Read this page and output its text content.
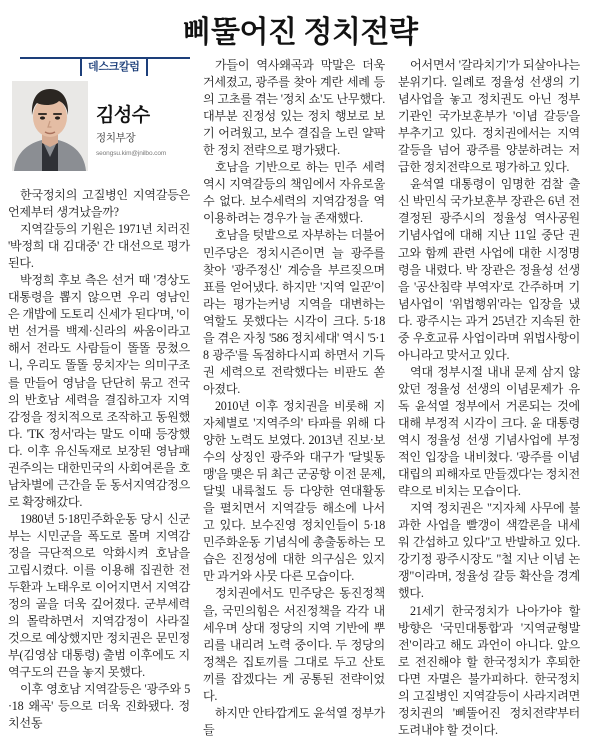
삐뚤어진 정치전략
데스크칼럼
김성수
정치부장
seongsu.kim@jnilbo.com

한국정치의 고질병인 지역갈등은 언제부터 생겨났을까?

지역갈등의 기원은 1971년 치러진 '박정희 대 김대중' 간 대선으로 평가된다.

박정희 후보 측은 선거 때 '경상도 대통령을 뽑지 않으면 우리 영남인은 개밥에 도토리 신세가 된다'며, '이번 선거를 백제·신라의 싸움이라고 해서 전라도 사람들이 똘똘 뭉쳤으니, 우리도 똘똘 뭉치자'는 의미구조를 만들어 영남을 단단히 묶고 전국의 반호남 세력을 결집하고자 지역감정을 정치적으로 조작하고 동원했다. 'TK 정서'라는 말도 이때 등장했다. 이후 유신독재로 보장된 영남패권주의는 대한민국의 사회여론을 호남차별에 근간을 둔 동서지역감정으로 확장해갔다.

1980년 5·18민주화운동 당시 신군부는 시민군을 폭도로 몰며 지역감정을 극단적으로 악화시켜 호남을 고립시켰다. 이를 이용해 집권한 전두환과 노태우로 이어지면서 지역감정의 골을 더욱 깊어졌다. 군부세력의 몰락하면서 지역감정이 사라질 것으로 예상했지만 정치권은 문민정부(김영삼 대통령) 출범 이후에도 지역구도의 끈을 놓지 못했다.

이후 영호남 지역갈등은 '광주와 5·18 왜곡' 등으로 더욱 진화됐다. 정치선동

가들이 역사왜곡과 막말은 더욱 거세졌고, 광주를 찾아 계란 세례 등의 고초를 겪는 '정치 쇼'도 난무했다. 대부분 진정성 있는 정치 행보로 보기 어려웠고, 보수 결집을 노린 얄팍한 정치 전략으로 평가됐다.

호남을 기반으로 하는 민주 세력 역시 지역갈등의 책임에서 자유로울 수 없다. 보수세력의 지역감정을 역이용하려는 경우가 늘 존재했다.

호남을 텃밭으로 자부하는 더불어민주당은 정치시즌이면 늘 광주를 찾아 '광주정신' 계승을 부르짖으며 표를 얻어냈다. 하지만 '지역 일꾼'이라는 평가는커녕 지역을 대변하는 역할도 못했다는 시각이 크다. 5·18을 겪은 자칭 '586 정치세대' 역시 '5·18 광주'를 독점하다시피 하면서 기득권 세력으로 전락했다는 비판도 쏟아졌다.

2010년 이후 정치권을 비롯해 지자체별로 '지역주의' 타파를 위해 다양한 노력도 보였다. 2013년 진보·보수의 상징인 광주와 대구가 '달빛동맹'을 맺은 뒤 최근 군공항 이전 문제, 달빛 내륙철도 등 다양한 연대활동을 펼치면서 지역갈등 해소에 나서고 있다. 보수진영 정치인들이 5·18민주화운동 기념식에 총출동하는 모습은 진정성에 대한 의구심은 있지만 과거와 사뭇 다른 모습이다.

정치권에서도 민주당은 동진정책을, 국민의힘은 서진정책을 각각 내세우며 상대 정당의 지역 기반에 뿌리를 내리려 노력 중이다. 두 정당의 정책은 집토끼를 그대로 두고 산토끼를 잡겠다는 게 공통된 전략이었다.

하지만 안타깝게도 윤석열 정부가 들

어서면서 '갈라치기'가 되살아나는 분위기다. 일례로 정율성 선생의 기념사업을 놓고 정치권도 아닌 정부기관인 국가보훈부가 '이념 갈등'을 부추기고 있다. 정치권에서는 지역갈등을 넘어 광주를 양분하려는 저급한 정치전략으로 평가하고 있다.

윤석열 대통령이 임명한 검찰 출신 박민식 국가보훈부 장관은 6년 전 결정된 광주시의 정율성 역사공원 기념사업에 대해 지난 11일 중단 권고와 함께 관련 사업에 대한 시정명령을 내렸다. 박 장관은 정율성 선생을 '공산침략 부역자'로 간주하며 기념사업이 '위법행위'라는 입장을 냈다. 광주시는 과거 25년간 지속된 한중 우호교류 사업이라며 위법사항이 아니라고 맞서고 있다.

역대 정부시절 내내 문제 삼지 않았던 정율성 선생의 이념문제가 유독 윤석열 정부에서 거론되는 것에 대해 부정적 시각이 크다. 윤 대통령 역시 정율성 선생 기념사업에 부정적인 입장을 내비쳤다. '광주를 이념대립의 피해자로 만들겠다'는 정치전략으로 비치는 모습이다.

지역 정치권은 "지자체 사무에 불과한 사업을 빨갱이 색깔론을 내세워 간섭하고 있다"고 반발하고 있다. 강기정 광주시장도 "철 지난 이념 논쟁"이라며, 정율성 갈등 확산을 경계했다.

21세기 한국정치가 나아가야 할 방향은 '국민대통합'과 '지역균형발전'이라고 해도 과언이 아니다. 앞으로 전진해야 할 한국정치가 후퇴한다면 자멸은 불가피하다. 한국정치의 고질병인 지역갈등이 사라지려면 정치권의 '삐뚤어진 정치전략'부터 도려내야 할 것이다.
